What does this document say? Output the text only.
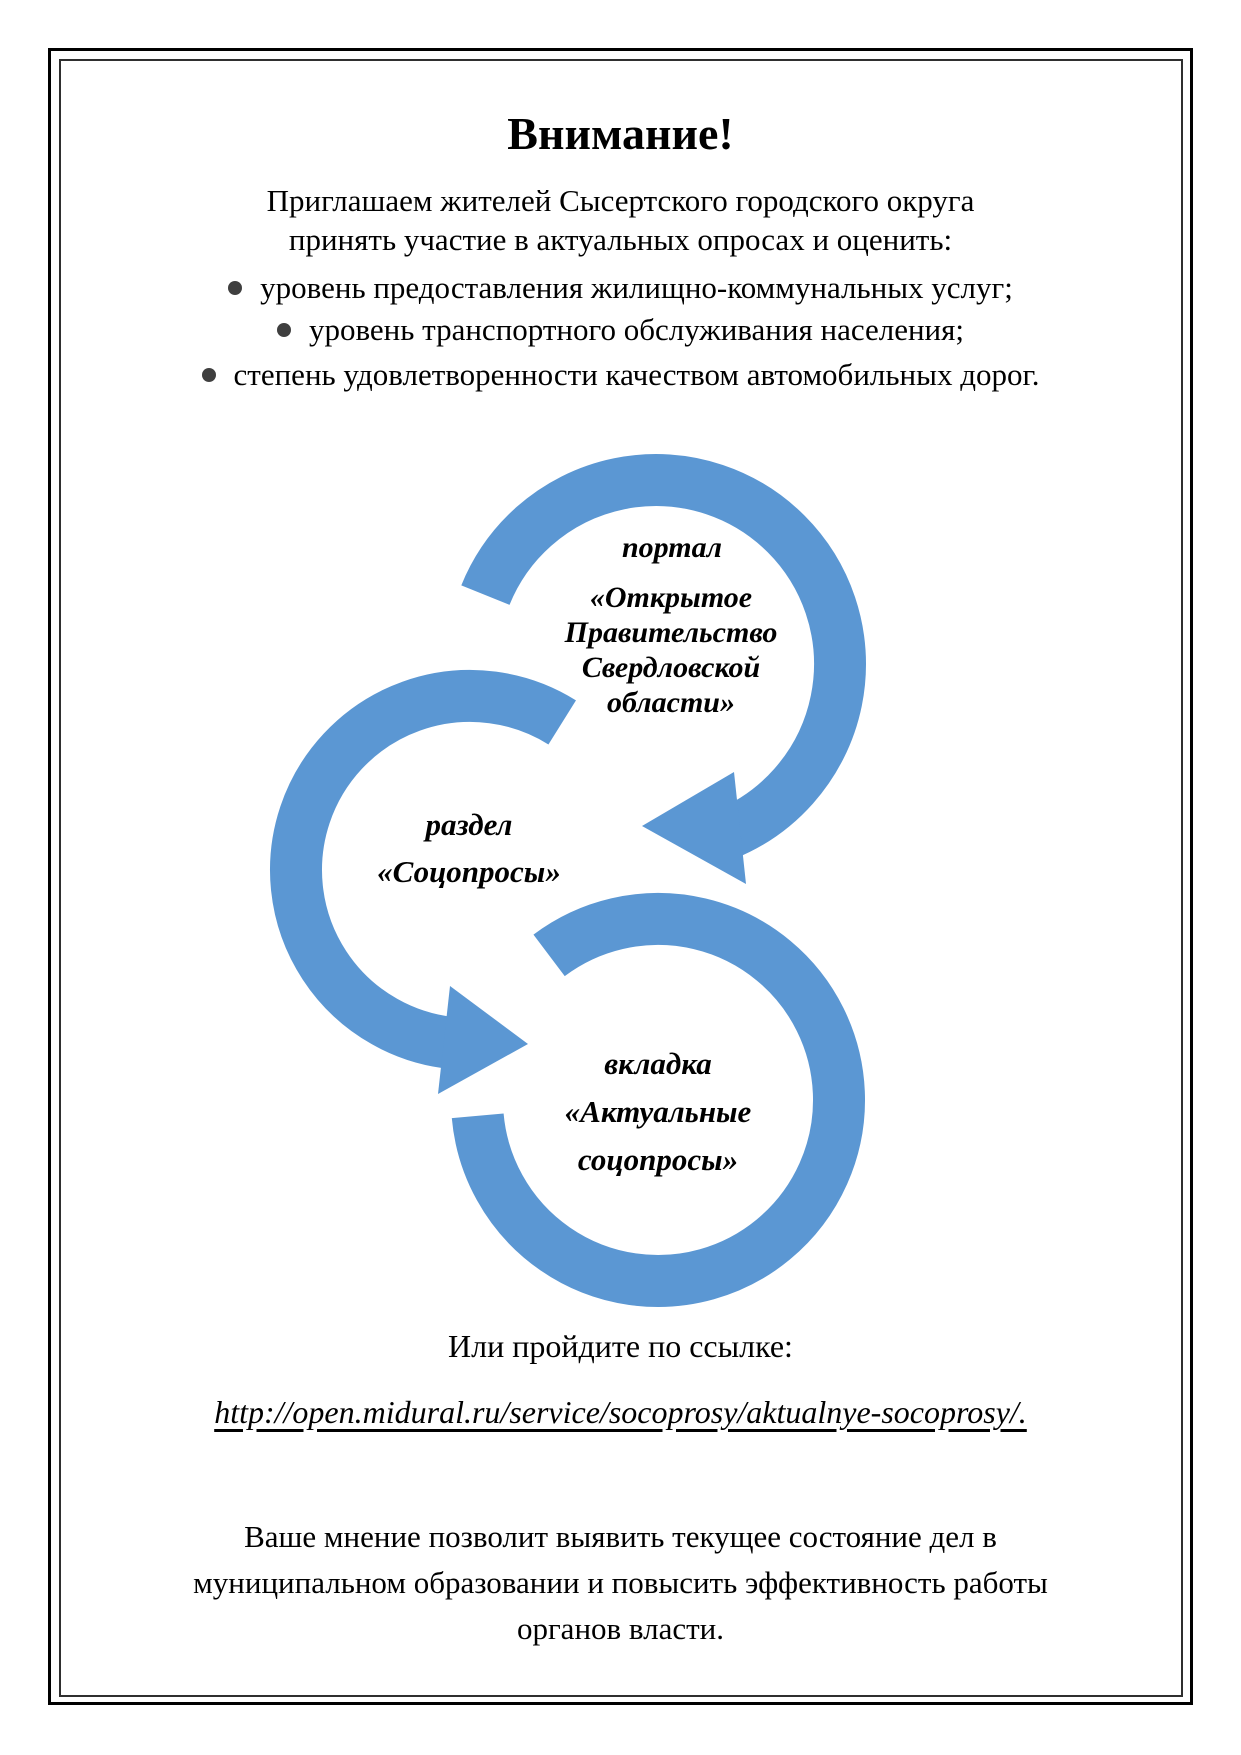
Внимание!
Приглашаем жителей Сысертского городского округа
принять участие в актуальных опросах и оценить:
уровень предоставления жилищно-коммунальных услуг;
уровень транспортного обслуживания населения;
степень удовлетворенности качеством автомобильных дорог.
портал
«Открытое
Правительство
Свердловской
области»
раздел
«Соцопросы»
вкладка
«Актуальные
соцопросы»
Или пройдите по ссылке:
http://open.midural.ru/service/socoprosy/aktualnye-socoprosy/.
Ваше мнение позволит выявить текущее состояние дел в
муниципальном образовании и повысить эффективность работы
органов власти.
